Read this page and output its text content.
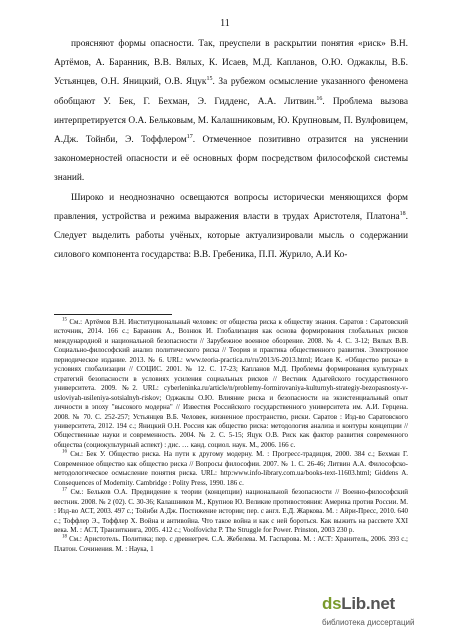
11

проясняют формы опасности. Так, преуспели в раскрытии понятия «риск» В.Н. Артёмов, А. Баранник, В.В. Вялых, К. Исаев, М.Д. Капланов, О.Ю. Оджаклы, В.Б. Устьянцев, О.Н. Яницкий, О.В. Яцук$^{15}$. За рубежом осмысление указанного феномена обобщают У. Бек, Г. Бехман, Э. Гидденс, А.А. Литвин.$^{16}$. Проблема вызова интерпретируется О.А. Бельковым, М. Калашниковым, Ю. Крупновым, П. Вулфовицем, А.Дж. Тойнби, Э. Тоффлером$^{17}$. Отмеченное позитивно отразится на уяснении закономерностей опасности и её основных форм посредством философской системы знаний.

Широко и неоднозначно освещаются вопросы исторически меняющихся форм правления, устройства и режима выражения власти в трудах Аристотеля, Платона$^{18}$. Следует выделить работы учёных, которые актуализировали мысль о содержании силового компонента государства: В.В. Гребеника, П.П. Журило, А.И Ко-

$^{15}$ См.: Артёмов В.Н. Институциональный человек: от общества риска к обществу знания. Саратов : Саратовский источник, 2014. 166 с.; Баранник А., Вознюк И. Глобализация как основа формирования глобальных рисков международной и национальной безопасности // Зарубежное военное обозрение. 2008. № 4. С. 3-12; Вялых В.В. Социально-философский анализ политического риска // Теория и практика общественного развития. Электронное периодическое издание. 2013. № 6. URL: www.teoria-practica.ru/ru/2013/6-2013.html; Исаев К. «Общество риска» в условиях глобализации // СОЦИС. 2001. № 12. С. 17-23; Капланов М.Д. Проблемы формирования культурных стратегий безопасности в условиях усиления социальных рисков // Вестник Адыгейского государственного университета. 2009. №2. URL: cyberleninka.ru/article/n/problemy-formirovaniya-kulturnyh-strategiy-bezopasnosty-v-usloviyah-usileniya-sotsialnyh-riskov; Оджаклы О.Ю. Влияние риска и безопасности на экзистенциальный опыт личности в эпоху "высокого модерна" // Известия Российского государственного университета им. А.И. Герцена. 2008. № 70. С. 252-257; Устьянцев В.Б. Человек, жизненное пространство, риски. Саратов : Изд-во Саратовского университета, 2012. 194 с.; Яницкий О.Н. Россия как общество риска: методология анализа и контуры концепции // Общественные науки и современность. 2004. № 2. С. 5-15; Яцук О.В. Риск как фактор развития современного общества (социокультурный аспект) : дис. … канд. социол. наук. М., 2006. 166 с.

$^{16}$ См.: Бек У. Общество риска. На пути к другому модерну. М. : Прогресс-традиция, 2000. 384 с.; Бехман Г. Современное общество как общество риска // Вопросы философии. 2007. № 1. С. 26-46; Литвин А.А. Философско-методологическое осмысление понятия риска. URL: http:www.info-library.com.ua/books-text-11603.html; Giddens A. Consequences of Modernity. Cambridge : Polity Press, 1990. 186 с.

$^{17}$ См.: Бельков О.А. Предвидение к теории (концепции) национальной безопасности // Военно-философский вестник. 2008. № 2 (02). С. 30-36; Калашников М., Крупнов Ю. Великие противостояния: Америка против России. М. : Изд-во АСТ, 2003. 497 с.; Тойнби А.Дж. Постижение истории; пер. с англ. Е.Д. Жаркова. М. : Айри-Пресс, 2010. 640 с.; Тоффлер Э., Тоффлер Х. Война и антивойна. Что такое война и как с ней бороться. Как выжить на рассвете XXI века. М. : АСТ, Транзиткнига, 2005. 412 с.; Voolfovichz P. The Struggle for Power. Prinston, 2003 230 р.

$^{18}$ См.: Аристотель. Политика; пер. с древнегреч. С.А. Жебелева. М. Гаспарова. М. : АСТ: Хранитель, 2006. 393 с.; Платон. Сочинения. М. : Наука, 1

dsLib.net
библиотека диссертаций
